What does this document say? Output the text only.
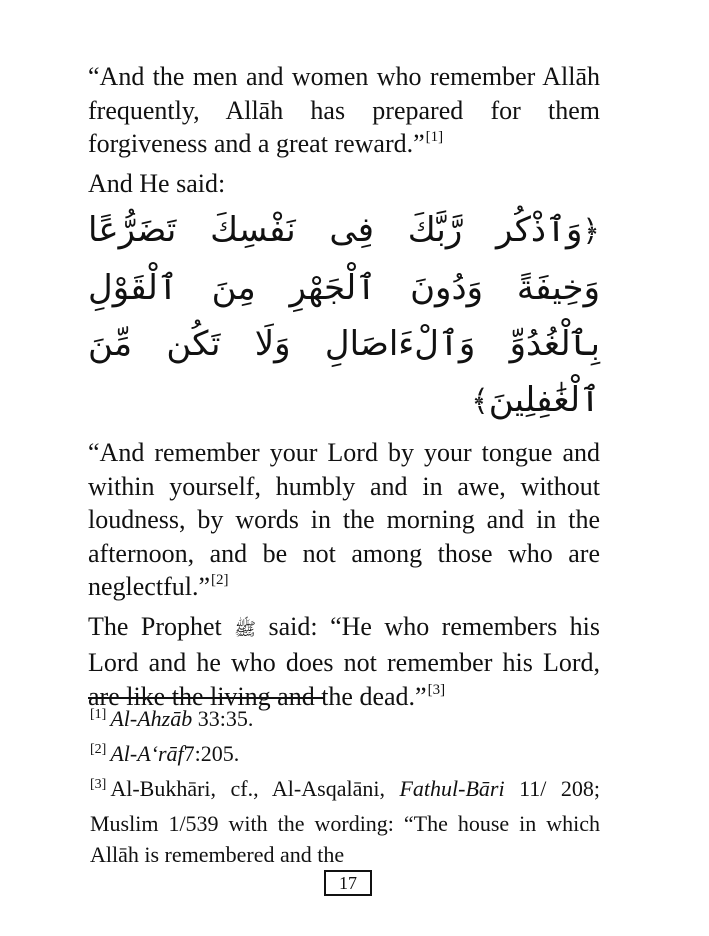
“And the men and women who remember Allāh frequently, Allāh has prepared for them forgiveness and a great reward.”[1]

And He said:

﴿وَٱذْكُر رَّبَّكَ فِى نَفْسِكَ تَضَرُّعًا وَخِيفَةً وَدُونَ ٱلْجَهْرِ مِنَ ٱلْقَوْلِ بِٱلْغُدُوِّ وَٱلْءَاصَالِ وَلَا تَكُن مِّنَ ٱلْغَٰفِلِينَ﴾

“And remember your Lord by your tongue and within yourself, humbly and in awe, without loudness, by words in the morning and in the afternoon, and be not among those who are neglectful.”[2]

The Prophet ﷺ said: “He who remembers his Lord and he who does not remember his Lord, are like the living and the dead.”[3]

[1] Al-Ahzāb 33:35.

[2] Al-A‘rāf7:205.

[3] Al-Bukhāri, cf., Al-Asqalāni, Fathul-Bāri 11/ 208; Muslim 1/539 with the wording: “The house in which Allāh is remembered and the

17
